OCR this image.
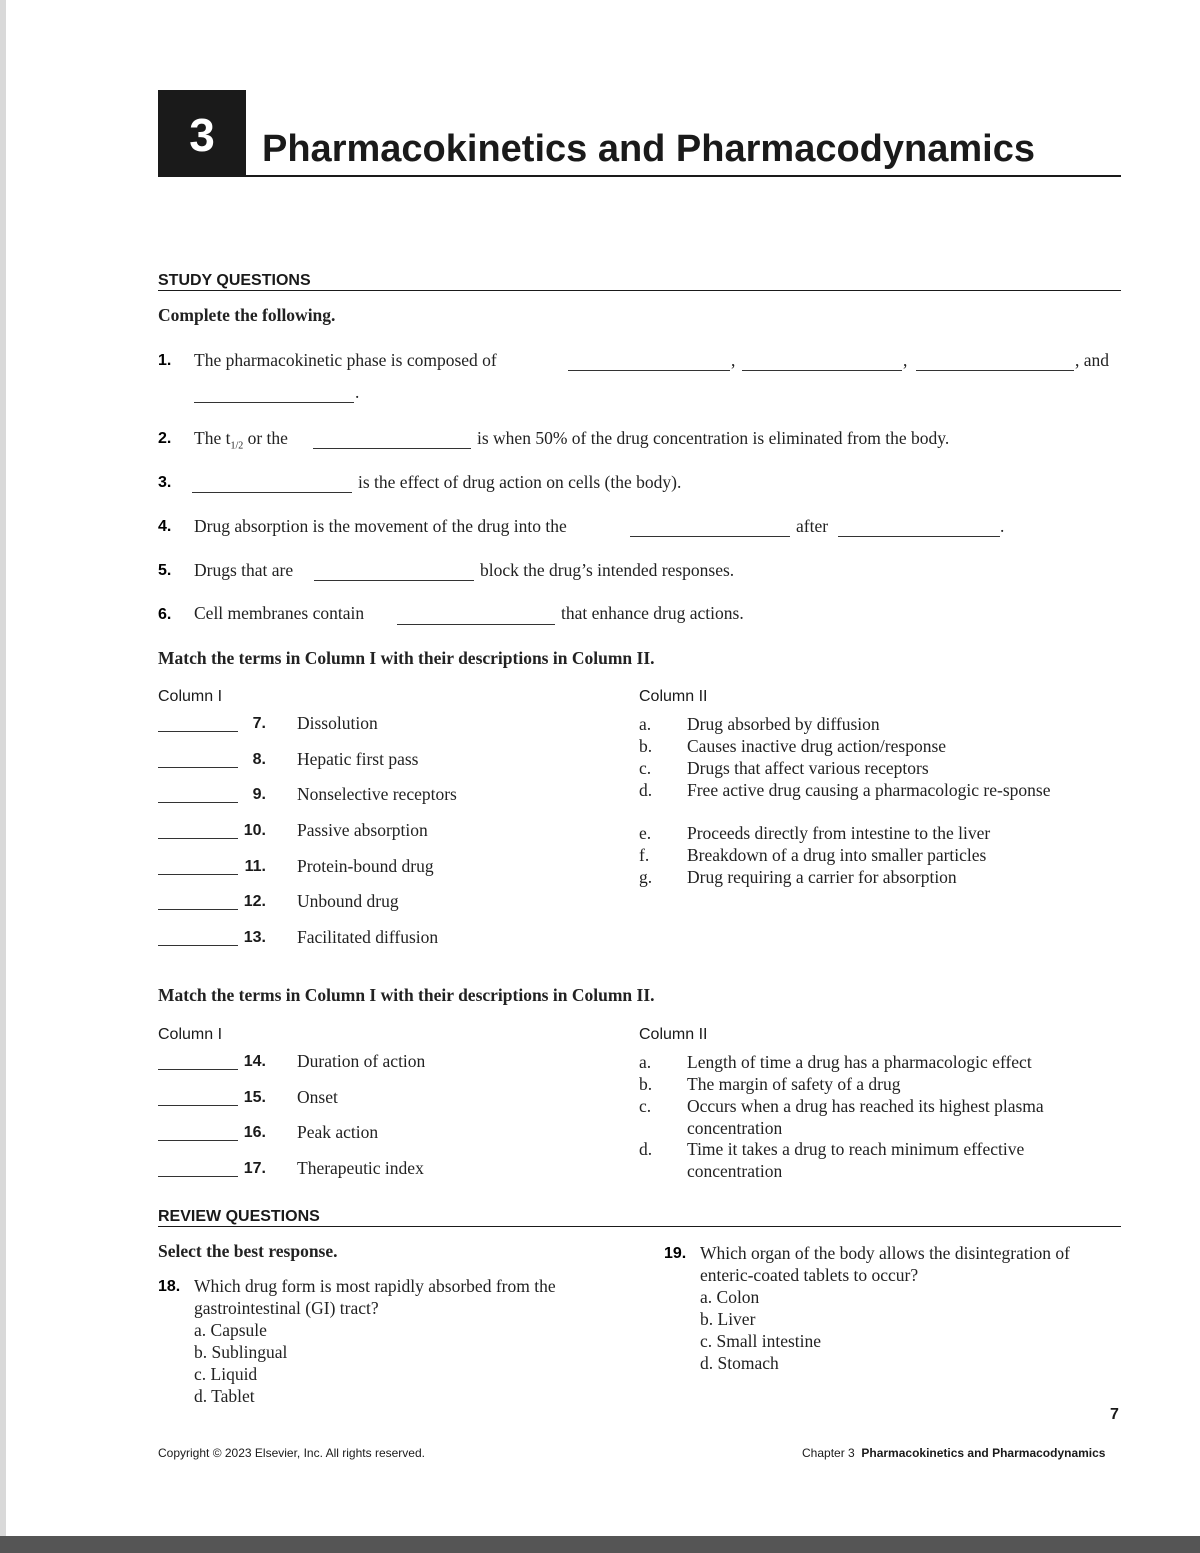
3	Pharmacokinetics and Pharmacodynamics
STUDY QUESTIONS
Complete the following.
1. The pharmacokinetic phase is composed of	,	,	, and
.
2. The $t_{1/2}$ or the	is when 50% of the drug concentration is eliminated from the body.
3.	is the effect of drug action on cells (the body).
4. Drug absorption is the movement of the drug into the	after	.
5. Drugs that are	block the drug’s intended responses.
6. Cell membranes contain	that enhance drug actions.
Match the terms in Column I with their descriptions in Column II.
Column I	Column II
7. Dissolution
8. Hepatic first pass
9. Nonselective receptors
10. Passive absorption
11. Protein-bound drug
12. Unbound drug
13. Facilitated diffusion
a. Drug absorbed by diffusion
b. Causes inactive drug action/response
c. Drugs that affect various receptors
d. Free active drug causing a pharmacologic re-sponse
e. Proceeds directly from intestine to the liver
f. Breakdown of a drug into smaller particles
g. Drug requiring a carrier for absorption
Match the terms in Column I with their descriptions in Column II.
Column I	Column II
14. Duration of action
15. Onset
16. Peak action
17. Therapeutic index
a. Length of time a drug has a pharmacologic effect
b. The margin of safety of a drug
c. Occurs when a drug has reached its highest plasma concentration
d. Time it takes a drug to reach minimum effective concentration
REVIEW QUESTIONS
Select the best response.
18. Which drug form is most rapidly absorbed from the
gastrointestinal (GI) tract?
a. Capsule
b. Sublingual
c. Liquid
d. Tablet
19. Which organ of the body allows the disintegration of
enteric-coated tablets to occur?
a. Colon
b. Liver
c. Small intestine
d. Stomach
7
Copyright © 2023 Elsevier, Inc. All rights reserved.	Chapter 3 Pharmacokinetics and Pharmacodynamics
